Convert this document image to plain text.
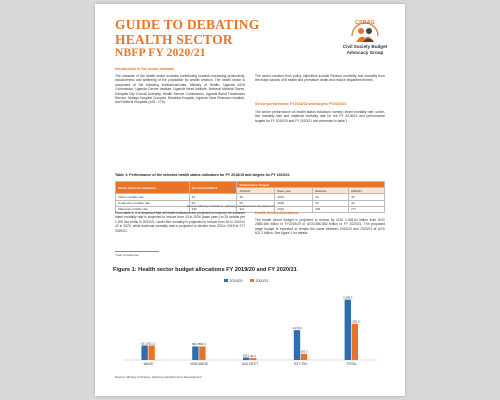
GUIDE TO DEBATING
HEALTH SECTOR
NBFP FY 2020/21
CSBAG
Civil Society Budget
Advocacy Group
Introduction to the sector mandate
The mandate of the health sector includes contributing towards increasing productivity, inclusiveness and wellbeing of the population for wealth creation. The health sector is composed of the following institutions/votes; Ministry of Health, Uganda AIDS Commission, Uganda Cancer Institute, Uganda Heart Institute, National Medical Stores, Kampala City Council Authority, Health Service Commission, Uganda Blood Transfusion Service, Mulago Hospital Complex, Butabika Hospital, Uganda Virus Research Institute, and Referral Hospitals (163 - 176).
The sector medium term policy objectives include Reduce morbidity and mortality from the major causes of ill health and premature death and reduce disparities therein.
Sector performance FY2018/19 and targets FY2020/21
The sector performance on health status indicators namely; infant mortality rate, under-five mortality rate and maternal mortality rate for the FY 2018/19 and performance targets for FY 2019/20 and FY 2020/21 are presented in table 1.
Table 1: Performance of the selected health status indicators for FY 2018/19 and targets for FY 2020/21
Sector Outcome Indicators	Q4 Actual 2018/19	Performance Targets			
		2019/20	Base year	Baseline	2020/21
Infant mortality rate	43	30	2016	43	35
Under-five mortality rate	64	53	2016	64	42
Maternal mortality rate	336	311	2016	336	277
Source: Ministry of Finance, planning and Economic development
From table 1, it is observed that all health indicators are projected to improve for instance infant mortality rate is projected to reduce from 43 in 2016 (base year¹) to 35 deaths per 1,000 live births in 2020/21, under-five mortality is projected to reduce from 64 in 2016 to 42 in 2020, while maternal mortality rate is projected to decline from 333 in 2016 to 277 2020/21.
¹Year of reference
Health Sector Allocations
The health sector budget is projected to reduce by UGX 1,038.64 billion from UGX 2589.486 billion in FY2019/20 to UGX1550.862 billion in FY 2020/21. The proposed wage budget is expected to remain the same between 2019/20 and 2020/21 at UGX 621.2 billion. See figure 2 for details
Figure 1: Health sector budget allocations FY 2019/20 and FY 2020/21
2019/20	2020/21
621.2 621.2
WAGE
582.3 582.3
NON-WAGE
106.1 82.1
GoU DEV'T
1,279.9
265.3
EXT. FIN.
2,589.5
1,550.9
TOTAL
Source: Ministry of finance, planning and Economic Development
